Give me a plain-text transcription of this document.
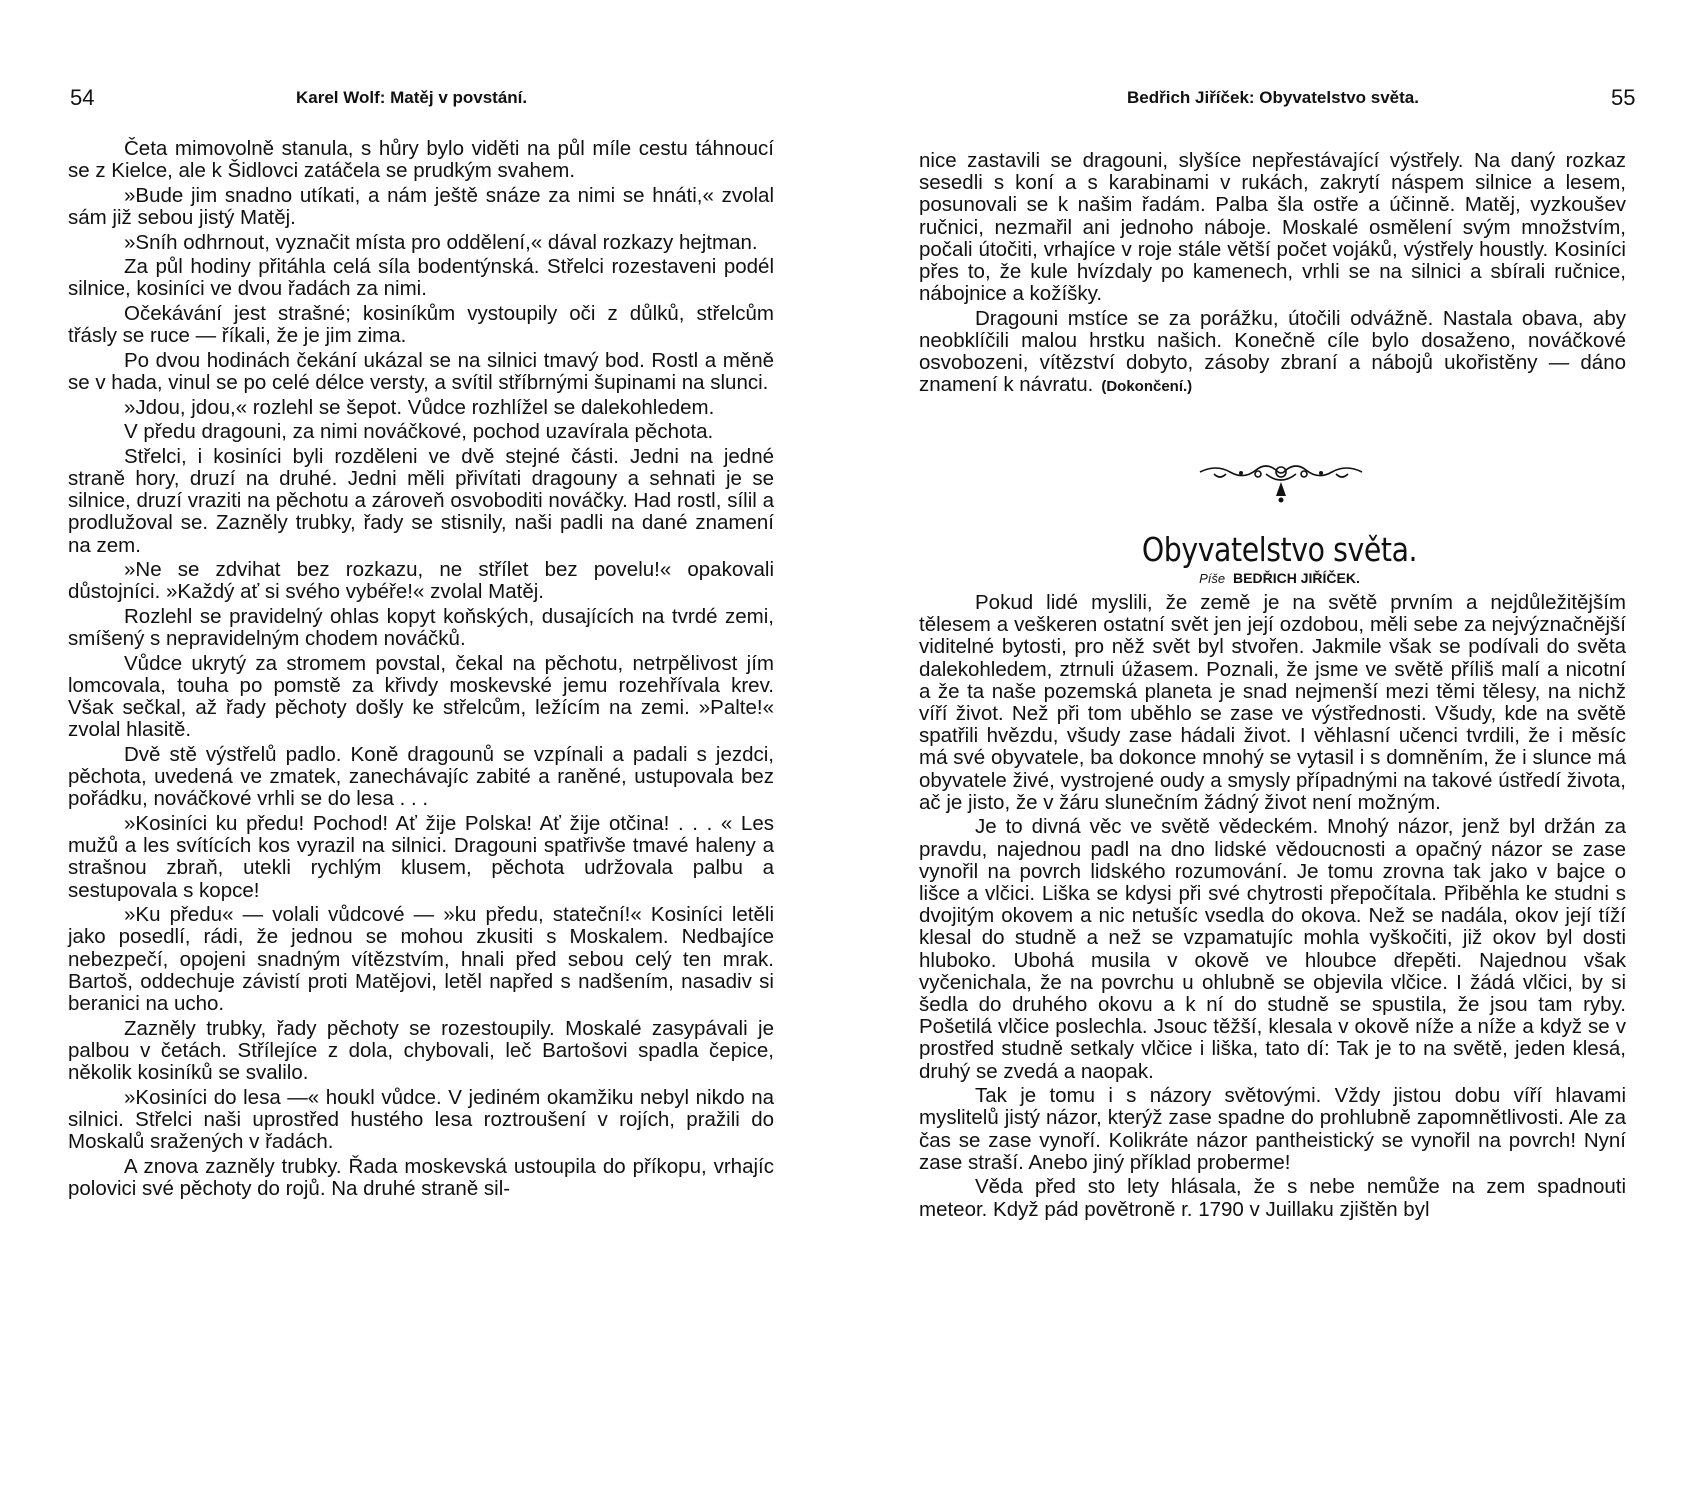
54	Karel Wolf: Matěj v povstání.

Četa mimovolně stanula, s hůry bylo viděti na půl míle cestu táhnoucí se z Kielce, ale k Šidlovci zatáčela se prudkým svahem.

»Bude jim snadno utíkati, a nám ještě snáze za nimi se hnáti,« zvolal sám již sebou jistý Matěj.

»Sníh odhrnout, vyznačit místa pro oddělení,« dával rozkazy hejtman.

Za půl hodiny přitáhla celá síla bodentýnská. Střelci rozestaveni podél silnice, kosiníci ve dvou řadách za nimi.

Očekávání jest strašné; kosiníkům vystoupily oči z důlků, střelcům třásly se ruce — říkali, že je jim zima.

Po dvou hodinách čekání ukázal se na silnici tmavý bod. Rostl a měně se v hada, vinul se po celé délce versty, a svítil stříbrnými šupinami na slunci.

»Jdou, jdou,« rozlehl se šepot. Vůdce rozhlížel se dalekohledem.

V předu dragouni, za nimi nováčkové, pochod uzavírala pěchota.

Střelci, i kosiníci byli rozděleni ve dvě stejné části. Jedni na jedné straně hory, druzí na druhé. Jedni měli přivítati dragouny a sehnati je se silnice, druzí vraziti na pěchotu a zároveň osvoboditi nováčky. Had rostl, sílil a prodlužoval se. Zazněly trubky, řady se stisnily, naši padli na dané znamení na zem.

»Ne se zdvihat bez rozkazu, ne střílet bez povelu!« opakovali důstojníci. »Každý ať si svého vybéře!« zvolal Matěj.

Rozlehl se pravidelný ohlas kopyt koňských, dusajících na tvrdé zemi, smíšený s nepravidelným chodem nováčků.

Vůdce ukrytý za stromem povstal, čekal na pěchotu, netrpělivost jím lomcovala, touha po pomstě za křivdy moskevské jemu rozehřívala krev. Však sečkal, až řady pěchoty došly ke střelcům, ležícím na zemi. »Palte!« zvolal hlasitě.

Dvě stě výstřelů padlo. Koně dragounů se vzpínali a padali s jezdci, pěchota, uvedená ve zmatek, zanechávajíc zabité a raněné, ustupovala bez pořádku, nováčkové vrhli se do lesa . . .

»Kosiníci ku předu! Pochod! Ať žije Polska! Ať žije otčina! . . . « Les mužů a les svítících kos vyrazil na silnici. Dragouni spatřivše tmavé haleny a strašnou zbraň, utekli rychlým klusem, pěchota udržovala palbu a sestupovala s kopce!

»Ku předu« — volali vůdcové — »ku předu, stateční!« Kosiníci letěli jako posedlí, rádi, že jednou se mohou zkusiti s Moskalem. Nedbajíce nebezpečí, opojeni snadným vítězstvím, hnali před sebou celý ten mrak. Bartoš, oddechuje závistí proti Matějovi, letěl napřed s nadšením, nasadiv si beranici na ucho.

Zazněly trubky, řady pěchoty se rozestoupily. Moskalé zasypávali je palbou v četách. Střílejíce z dola, chybovali, leč Bartošovi spadla čepice, několik kosiníků se svalilo.

»Kosiníci do lesa —« houkl vůdce. V jediném okamžiku nebyl nikdo na silnici. Střelci naši uprostřed hustého lesa roztroušení v rojích, pražili do Moskalů sražených v řadách.

A znova zazněly trubky. Řada moskevská ustoupila do příkopu, vrhajíc polovici své pěchoty do rojů. Na druhé straně sil-

Bedřich Jiříček: Obyvatelstvo světa.	55

nice zastavili se dragouni, slyšíce nepřestávající výstřely. Na daný rozkaz sesedli s koní a s karabinami v rukách, zakrytí náspem silnice a lesem, posunovali se k našim řadám. Palba šla ostře a účinně. Matěj, vyzkoušev ručnici, nezmařil ani jednoho náboje. Moskalé osmělení svým množstvím, počali útočiti, vrhajíce v roje stále větší počet vojáků, výstřely houstly. Kosiníci přes to, že kule hvízdaly po kamenech, vrhli se na silnici a sbírali ručnice, nábojnice a kožíšky.

Dragouni mstíce se za porážku, útočili odvážně. Nastala obava, aby neobklíčili malou hrstku našich. Konečně cíle bylo dosaženo, nováčkové osvobozeni, vítězství dobyto, zásoby zbraní a nábojů ukořistěny — dáno znamení k návratu. (Dokončení.)

Obyvatelstvo světa.
Píše BEDŘICH JIŘÍČEK.

Pokud lidé myslili, že země je na světě prvním a nejdůležitějším tělesem a veškeren ostatní svět jen její ozdobou, měli sebe za nejvýznačnější viditelné bytosti, pro něž svět byl stvořen. Jakmile však se podívali do světa dalekohledem, ztrnuli úžasem. Poznali, že jsme ve světě příliš malí a nicotní a že ta naše pozemská planeta je snad nejmenší mezi těmi tělesy, na nichž víří život. Než při tom uběhlo se zase ve výstřednosti. Všudy, kde na světě spatřili hvězdu, všudy zase hádali život. I věhlasní učenci tvrdili, že i měsíc má své obyvatele, ba dokonce mnohý se vytasil i s domněním, že i slunce má obyvatele živé, vystrojené oudy a smysly případnými na takové ústředí života, ač je jisto, že v žáru slunečním žádný život není možným.

Je to divná věc ve světě vědeckém. Mnohý názor, jenž byl držán za pravdu, najednou padl na dno lidské vědoucnosti a opačný názor se zase vynořil na povrch lidského rozumování. Je tomu zrovna tak jako v bajce o lišce a vlčici. Liška se kdysi při své chytrosti přepočítala. Přiběhla ke studni s dvojitým okovem a nic netušíc vsedla do okova. Než se nadála, okov její tíží klesal do studně a než se vzpamatujíc mohla vyškočiti, již okov byl dosti hluboko. Ubohá musila v okově ve hloubce dřepěti. Najednou však vyčenichala, že na povrchu u ohlubně se objevila vlčice. I žádá vlčici, by si šedla do druhého okovu a k ní do studně se spustila, že jsou tam ryby. Pošetilá vlčice poslechla. Jsouc těžší, klesala v okově níže a níže a když se v prostřed studně setkaly vlčice i liška, tato dí: Tak je to na světě, jeden klesá, druhý se zvedá a naopak.

Tak je tomu i s názory světovými. Vždy jistou dobu víří hlavami myslitelů jistý názor, kterýž zase spadne do prohlubně zapomnětlivosti. Ale za čas se zase vynoří. Kolikráte názor pantheistický se vynořil na povrch! Nyní zase straší. Anebo jiný příklad proberme!

Věda před sto lety hlásala, že s nebe nemůže na zem spadnouti meteor. Když pád povětroně r. 1790 v Juillaku zjištěn byl
